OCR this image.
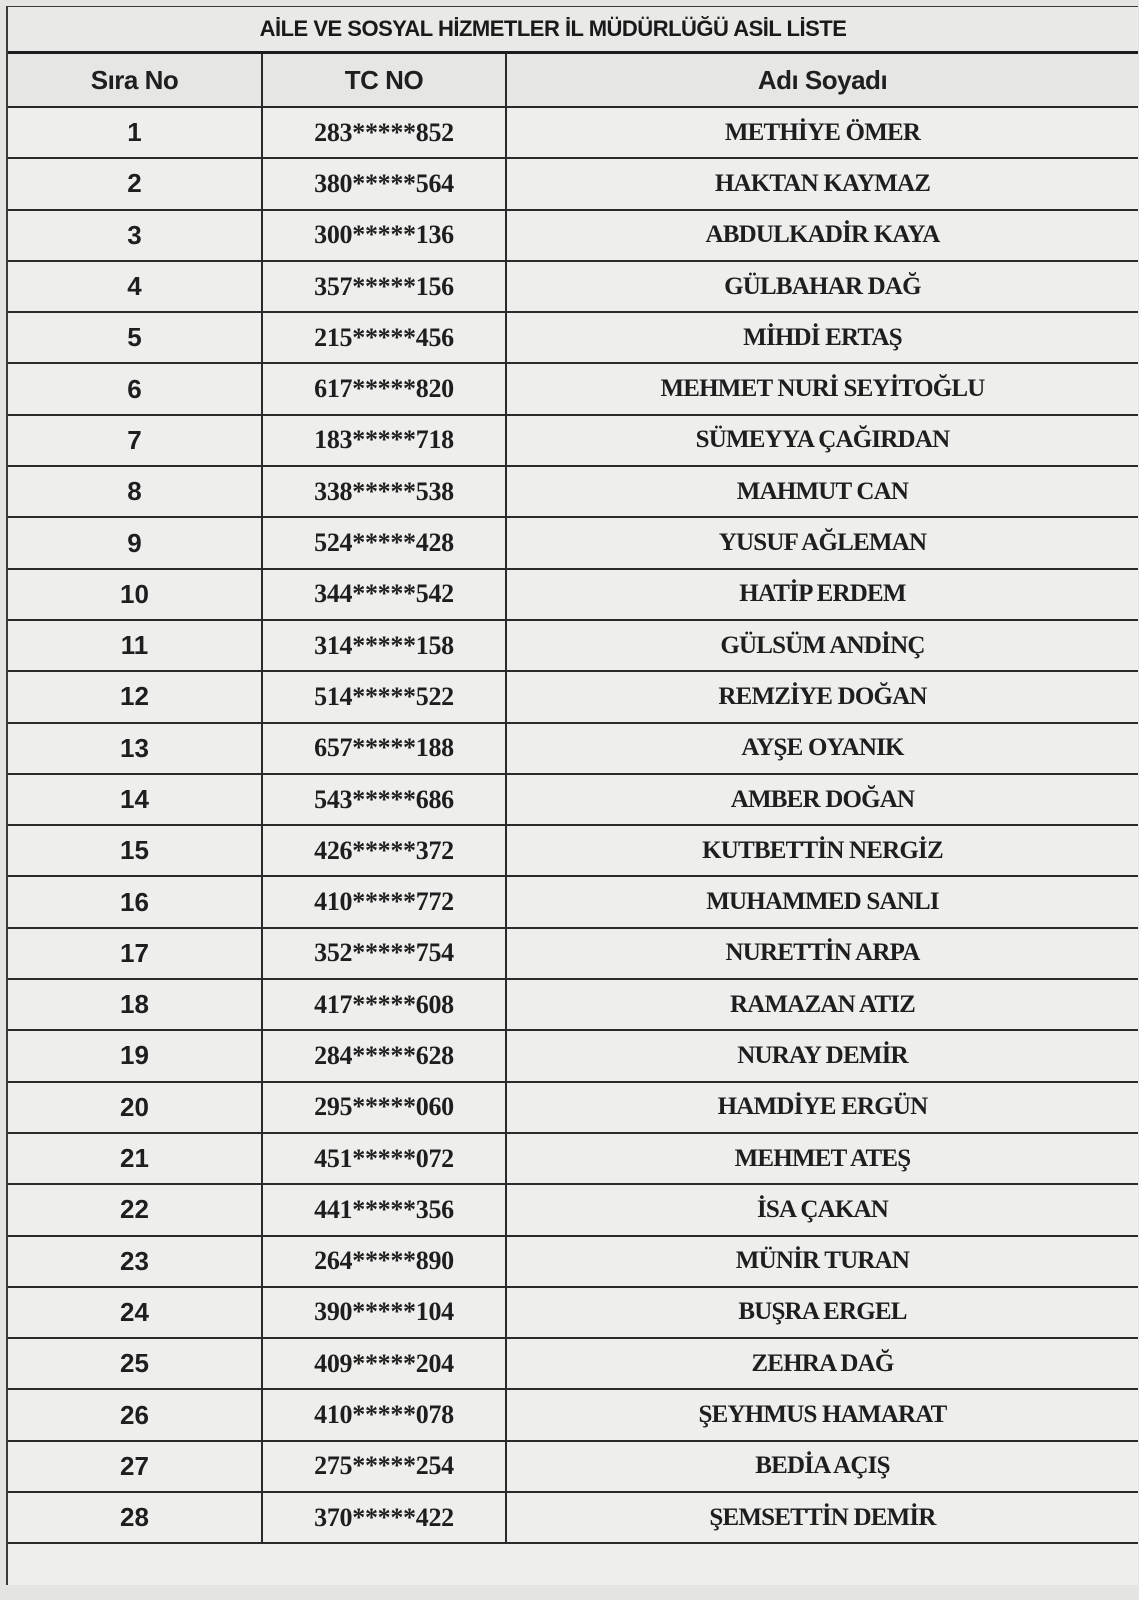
AİLE VE SOSYAL HİZMETLER İL MÜDÜRLÜĞÜ ASİL LİSTE
Sıra No	TC NO	Adı Soyadı
1	283*****852	METHİYE ÖMER
2	380*****564	HAKTAN KAYMAZ
3	300*****136	ABDULKADİR KAYA
4	357*****156	GÜLBAHAR DAĞ
5	215*****456	MİHDİ ERTAŞ
6	617*****820	MEHMET NURİ SEYİTOĞLU
7	183*****718	SÜMEYYA ÇAĞIRDAN
8	338*****538	MAHMUT CAN
9	524*****428	YUSUF AĞLEMAN
10	344*****542	HATİP ERDEM
11	314*****158	GÜLSÜM ANDİNÇ
12	514*****522	REMZİYE DOĞAN
13	657*****188	AYŞE OYANIK
14	543*****686	AMBER DOĞAN
15	426*****372	KUTBETTİN NERGİZ
16	410*****772	MUHAMMED SANLI
17	352*****754	NURETTİN ARPA
18	417*****608	RAMAZAN ATIZ
19	284*****628	NURAY DEMİR
20	295*****060	HAMDİYE ERGÜN
21	451*****072	MEHMET ATEŞ
22	441*****356	İSA ÇAKAN
23	264*****890	MÜNİR TURAN
24	390*****104	BUŞRA ERGEL
25	409*****204	ZEHRA DAĞ
26	410*****078	ŞEYHMUS HAMARAT
27	275*****254	BEDİA AÇIŞ
28	370*****422	ŞEMSETTİN DEMİR
